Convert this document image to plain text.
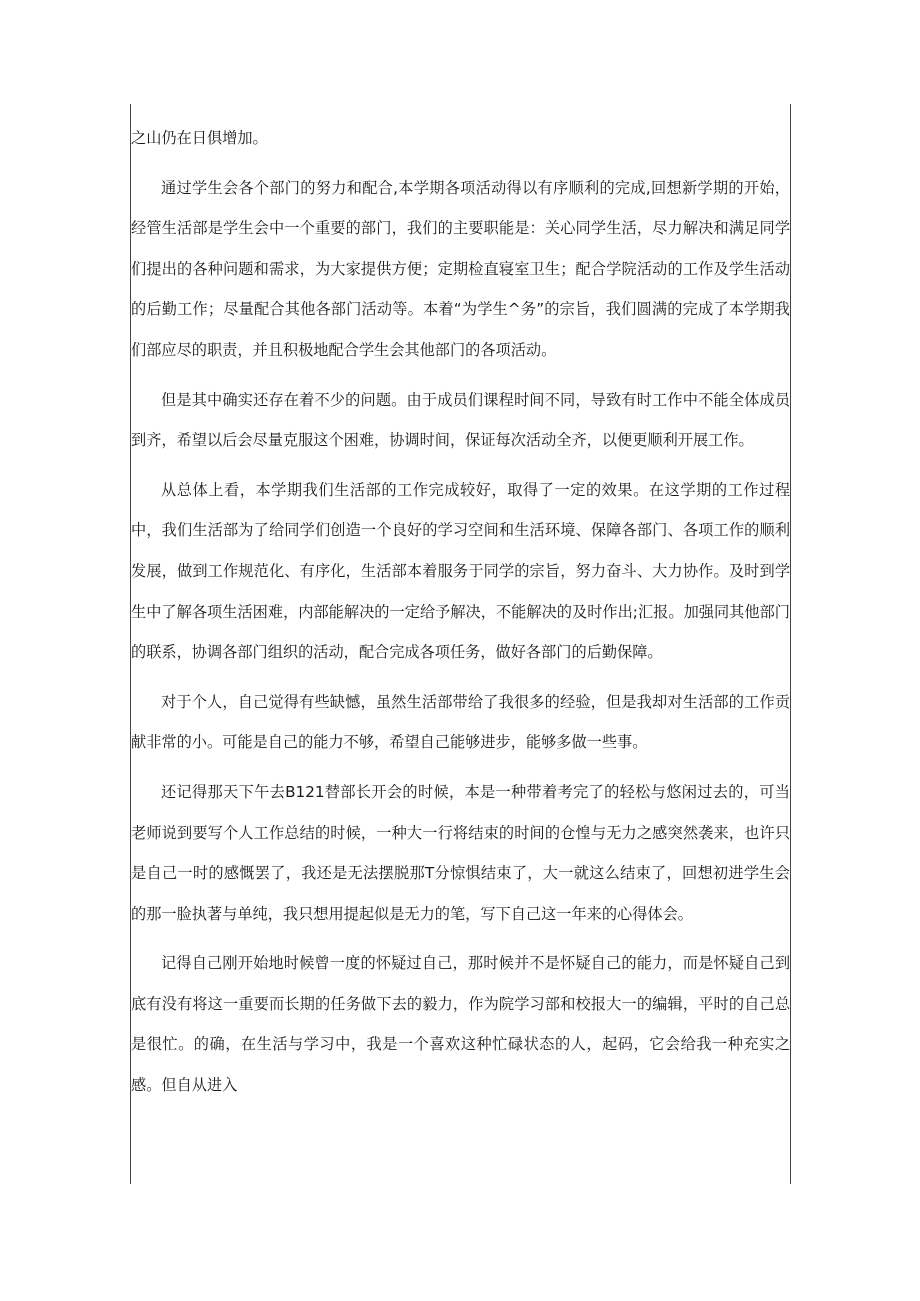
之山仍在日俱增加。

通过学生会各个部门的努力和配合,本学期各项活动得以有序顺利的完成,回想新学期的开始，经管生活部是学生会中一个重要的部门，我们的主要职能是：关心同学生活，尽力解决和满足同学们提出的各种问题和需求，为大家提供方便；定期检直寝室卫生；配合学院活动的工作及学生活动的后勤工作；尽量配合其他各部门活动等。本着“为学生^务”的宗旨，我们圆满的完成了本学期我们部应尽的职责，并且积极地配合学生会其他部门的各项活动。

但是其中确实还存在着不少的问题。由于成员们课程时间不同，导致有时工作中不能全体成员到齐，希望以后会尽量克服这个困难，协调时间，保证每次活动全齐，以便更顺利开展工作。

从总体上看，本学期我们生活部的工作完成较好，取得了一定的效果。在这学期的工作过程中，我们生活部为了给同学们创造一个良好的学习空间和生活环境、保障各部门、各项工作的顺利发展，做到工作规范化、有序化，生活部本着服务于同学的宗旨，努力奋斗、大力协作。及时到学生中了解各项生活困难，内部能解决的一定给予解决，不能解决的及时作出;汇报。加强同其他部门的联系，协调各部门组织的活动，配合完成各项任务，做好各部门的后勤保障。

对于个人，自己觉得有些缺憾，虽然生活部带给了我很多的经验，但是我却对生活部的工作贡献非常的小。可能是自己的能力不够，希望自己能够进步，能够多做一些事。

还记得那天下午去B121替部长开会的时候，本是一种带着考完了的轻松与悠闲过去的，可当老师说到要写个人工作总结的时候，一种大一行将结束的时间的仓惶与无力之感突然袭来，也许只是自己一时的感慨罢了，我还是无法摆脱那T分惊惧结束了，大一就这么结束了，回想初进学生会的那一脸执著与单纯，我只想用提起似是无力的笔，写下自己这一年来的心得体会。

记得自己刚开始地时候曾一度的怀疑过自己，那时候并不是怀疑自己的能力，而是怀疑自己到底有没有将这一重要而长期的任务做下去的毅力，作为院学习部和校报大一的编辑，平时的自己总是很忙。的确，在生活与学习中，我是一个喜欢这种忙碌状态的人，起码，它会给我一种充实之感。但自从进入
